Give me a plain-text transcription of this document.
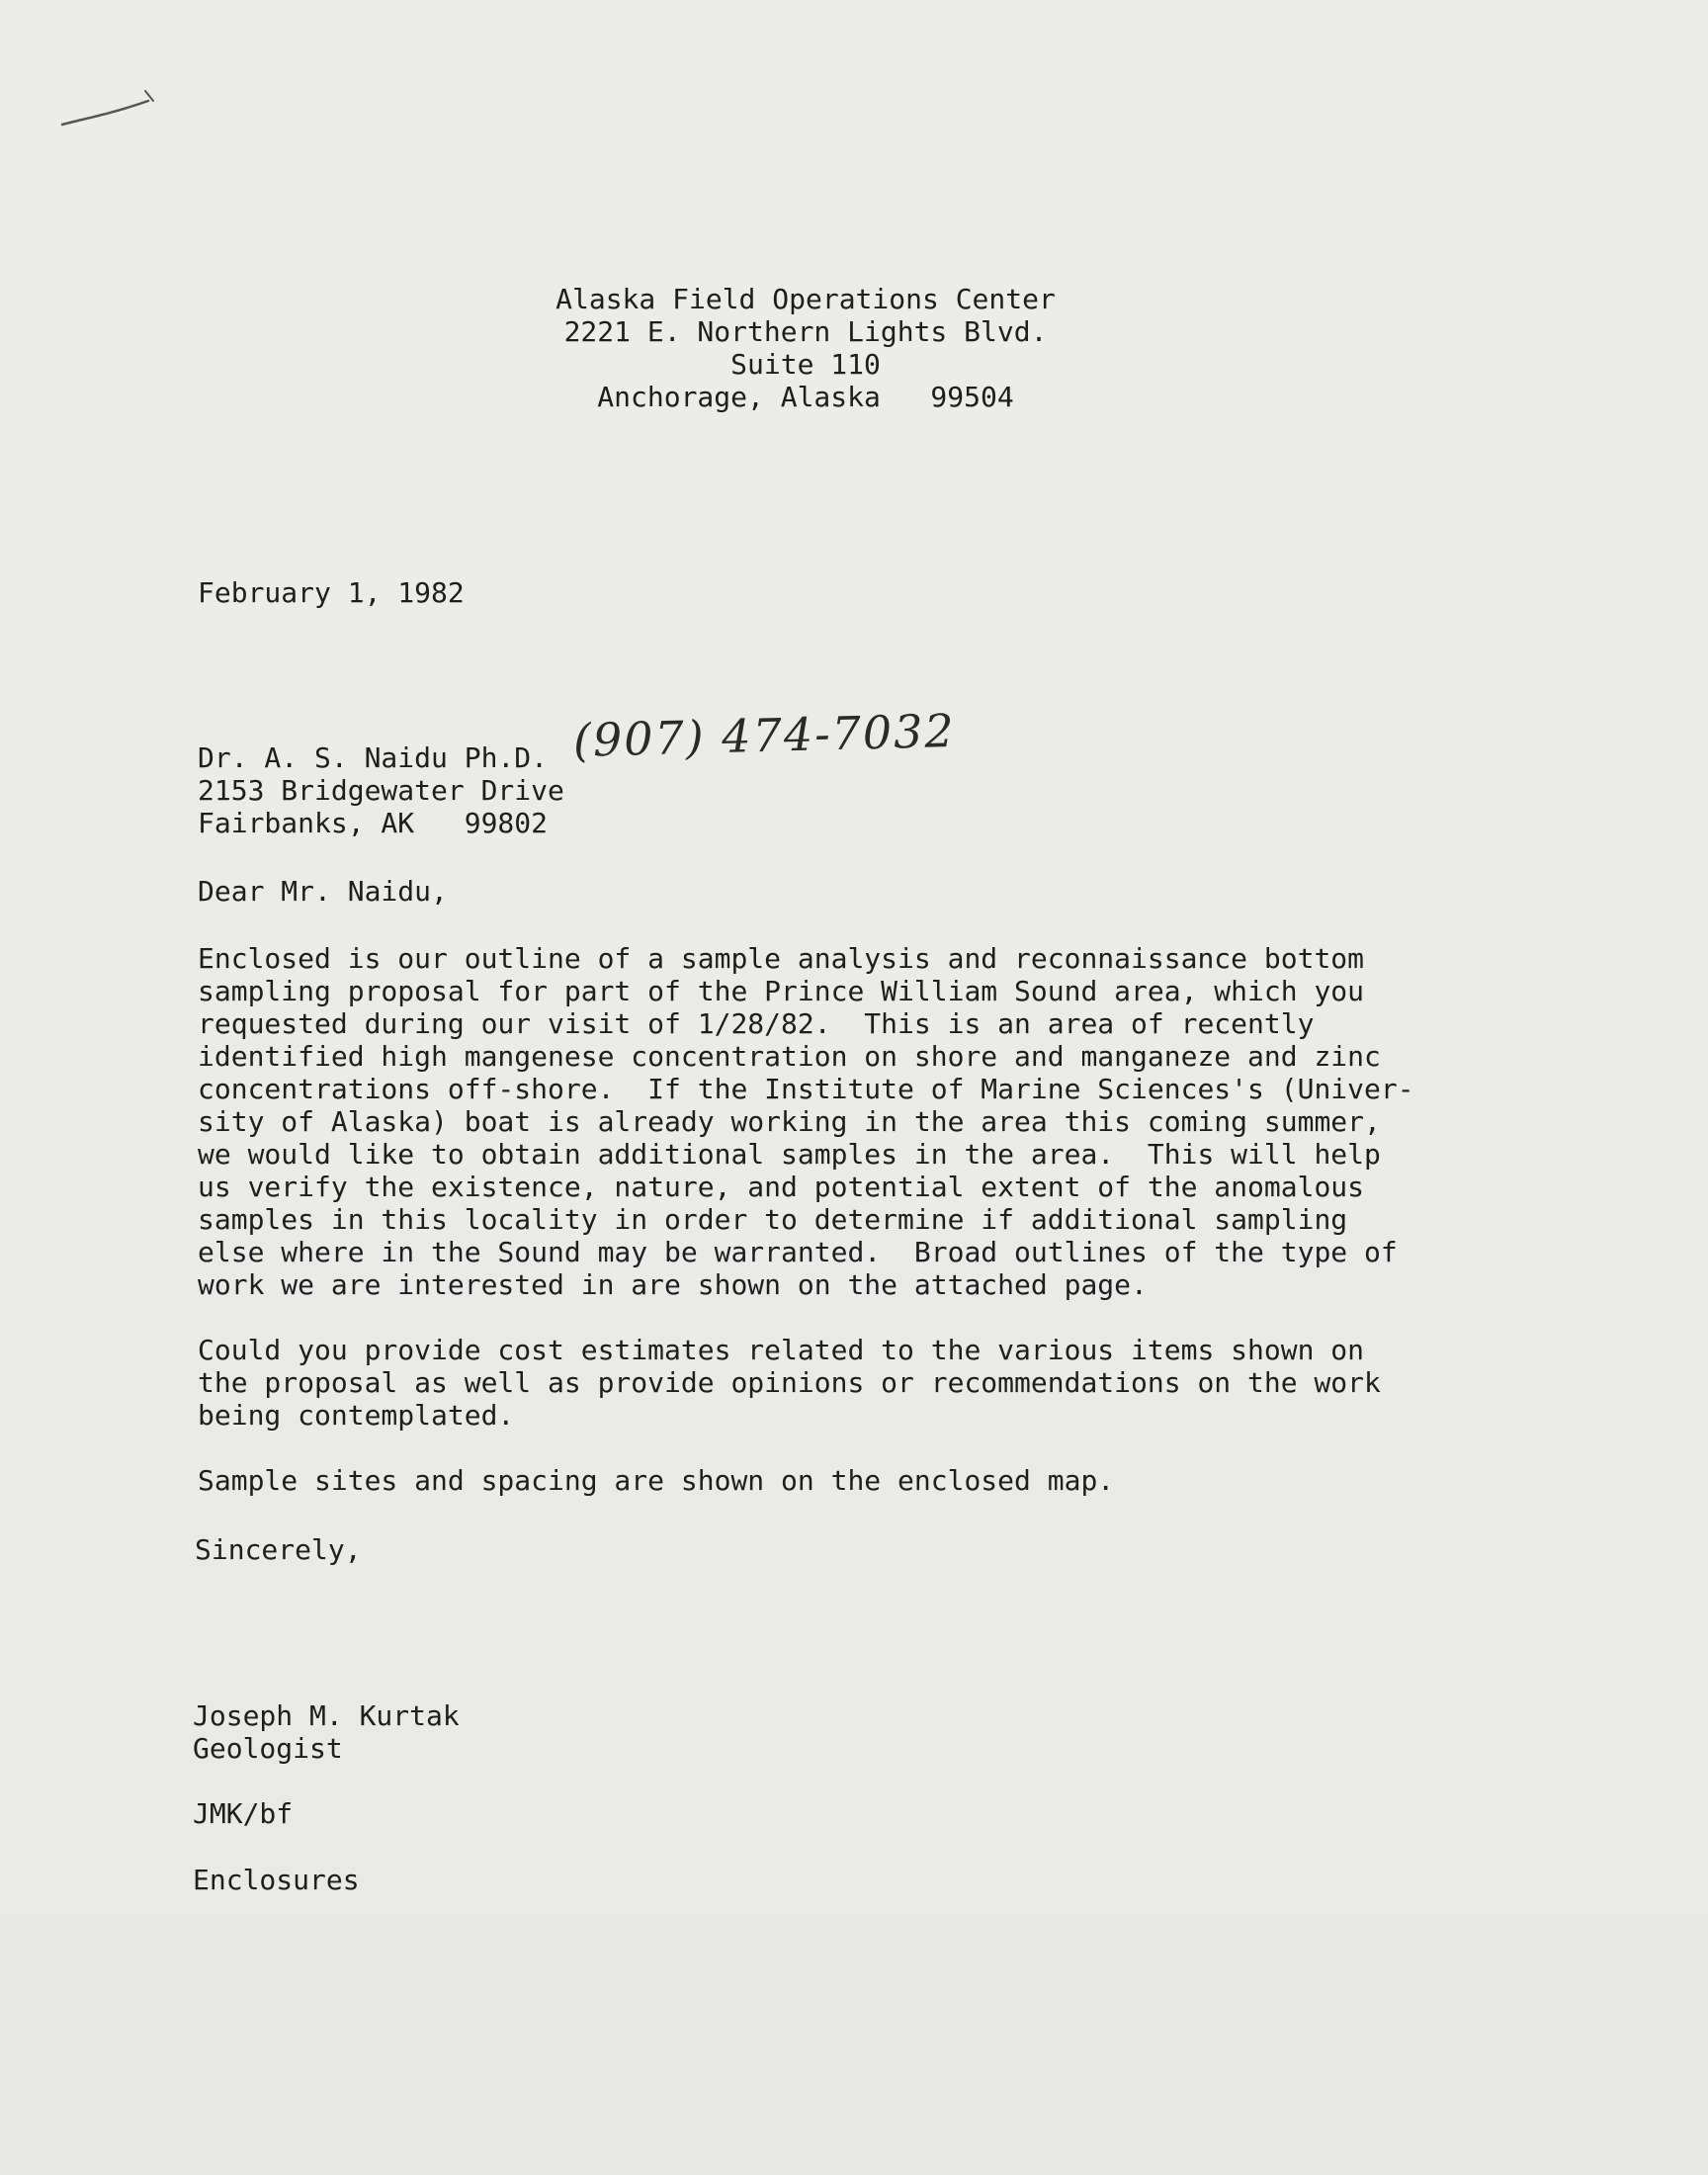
Alaska Field Operations Center
2221 E. Northern Lights Blvd.
Suite 110
Anchorage, Alaska   99504
February 1, 1982
Dr. A. S. Naidu Ph.D.
2153 Bridgewater Drive
Fairbanks, AK   99802
(907) 474-7032
Dear Mr. Naidu,
Enclosed is our outline of a sample analysis and reconnaissance bottom
sampling proposal for part of the Prince William Sound area, which you
requested during our visit of 1/28/82.  This is an area of recently
identified high mangenese concentration on shore and manganeze and zinc
concentrations off-shore.  If the Institute of Marine Sciences's (Univer-
sity of Alaska) boat is already working in the area this coming summer,
we would like to obtain additional samples in the area.  This will help
us verify the existence, nature, and potential extent of the anomalous
samples in this locality in order to determine if additional sampling
else where in the Sound may be warranted.  Broad outlines of the type of
work we are interested in are shown on the attached page.
Could you provide cost estimates related to the various items shown on
the proposal as well as provide opinions or recommendations on the work
being contemplated.
Sample sites and spacing are shown on the enclosed map.
Sincerely,
Joseph M. Kurtak
Geologist
JMK/bf
Enclosures
